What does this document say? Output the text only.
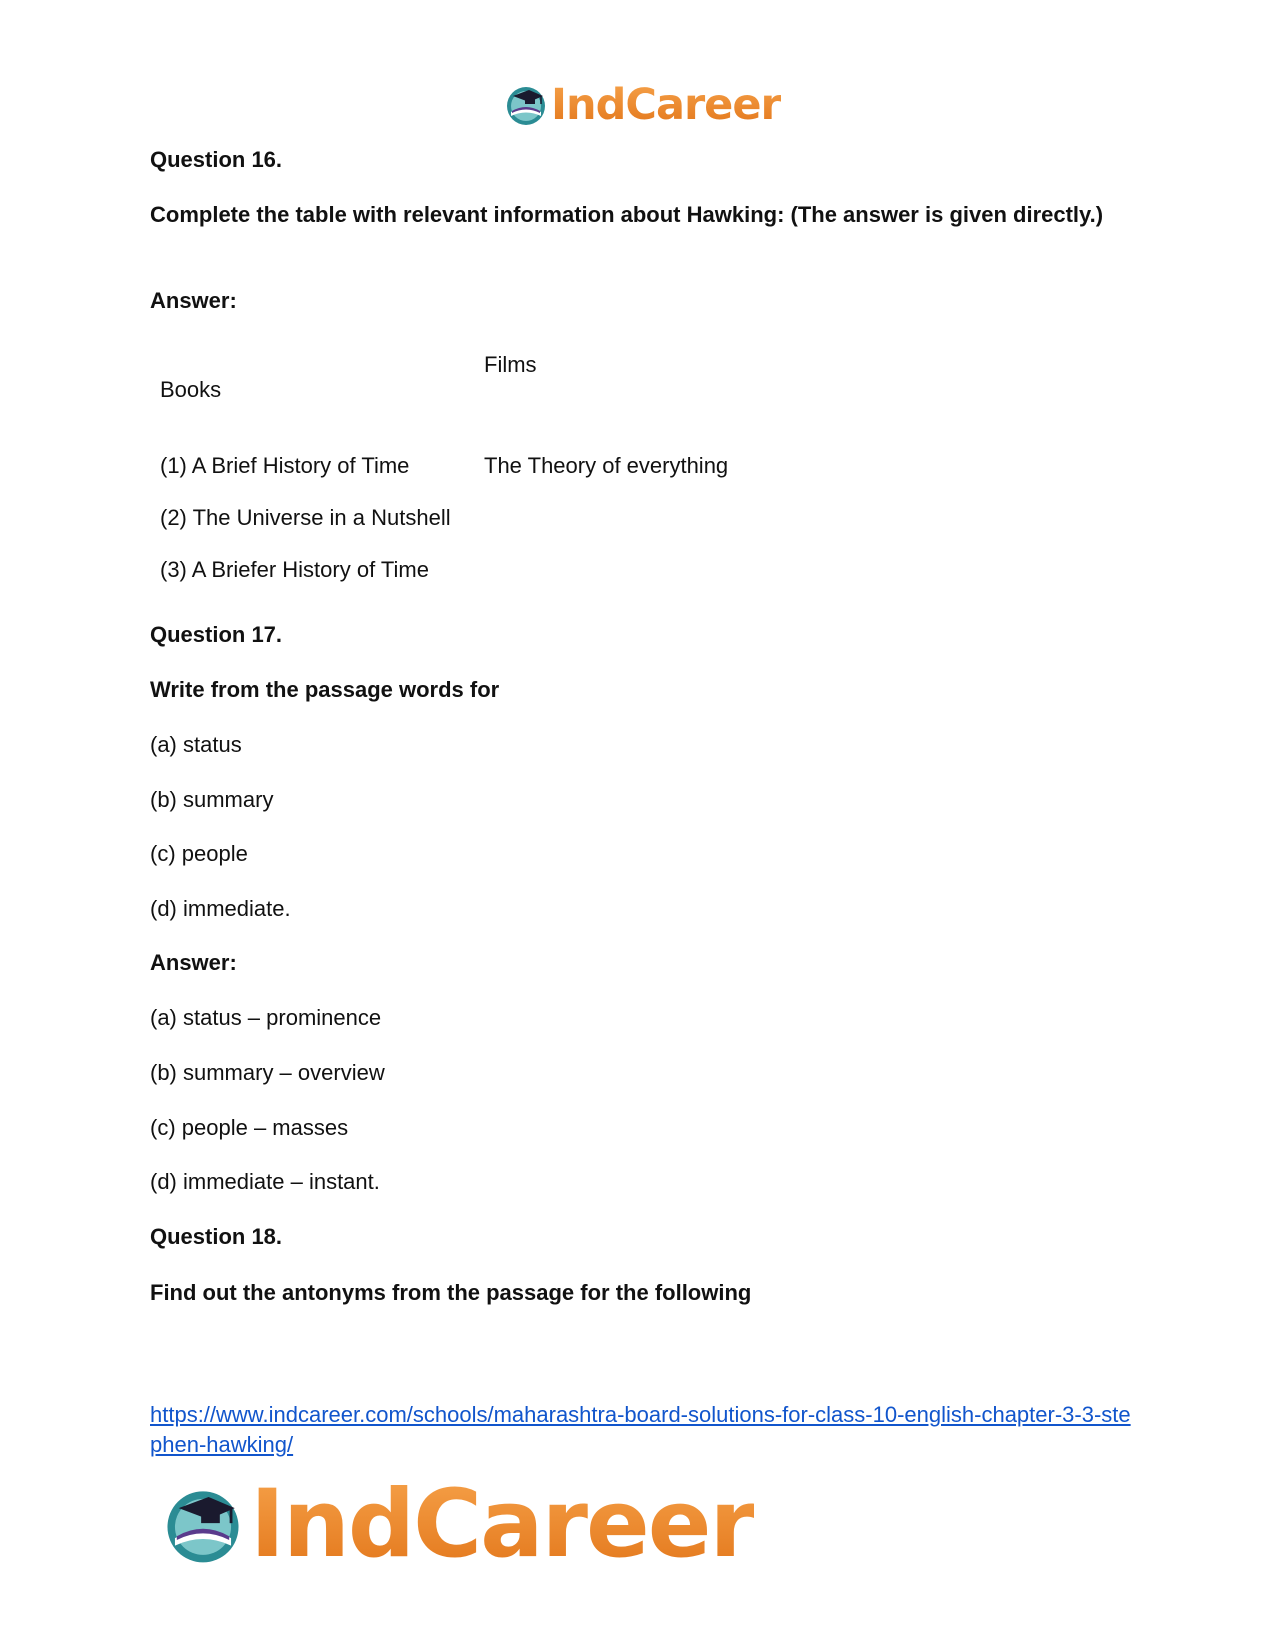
IndCareer

Question 16.

Complete the table with relevant information about Hawking: (The answer is given directly.)

Answer:

Films
Books
(1) A Brief History of Time	The Theory of everything
(2) The Universe in a Nutshell
(3) A Briefer History of Time

Question 17.

Write from the passage words for

(a) status

(b) summary

(c) people

(d) immediate.

Answer:

(a) status – prominence

(b) summary – overview

(c) people – masses

(d) immediate – instant.

Question 18.

Find out the antonyms from the passage for the following

https://www.indcareer.com/schools/maharashtra-board-solutions-for-class-10-english-chapter-3-3-stephen-hawking/
IndCareer
